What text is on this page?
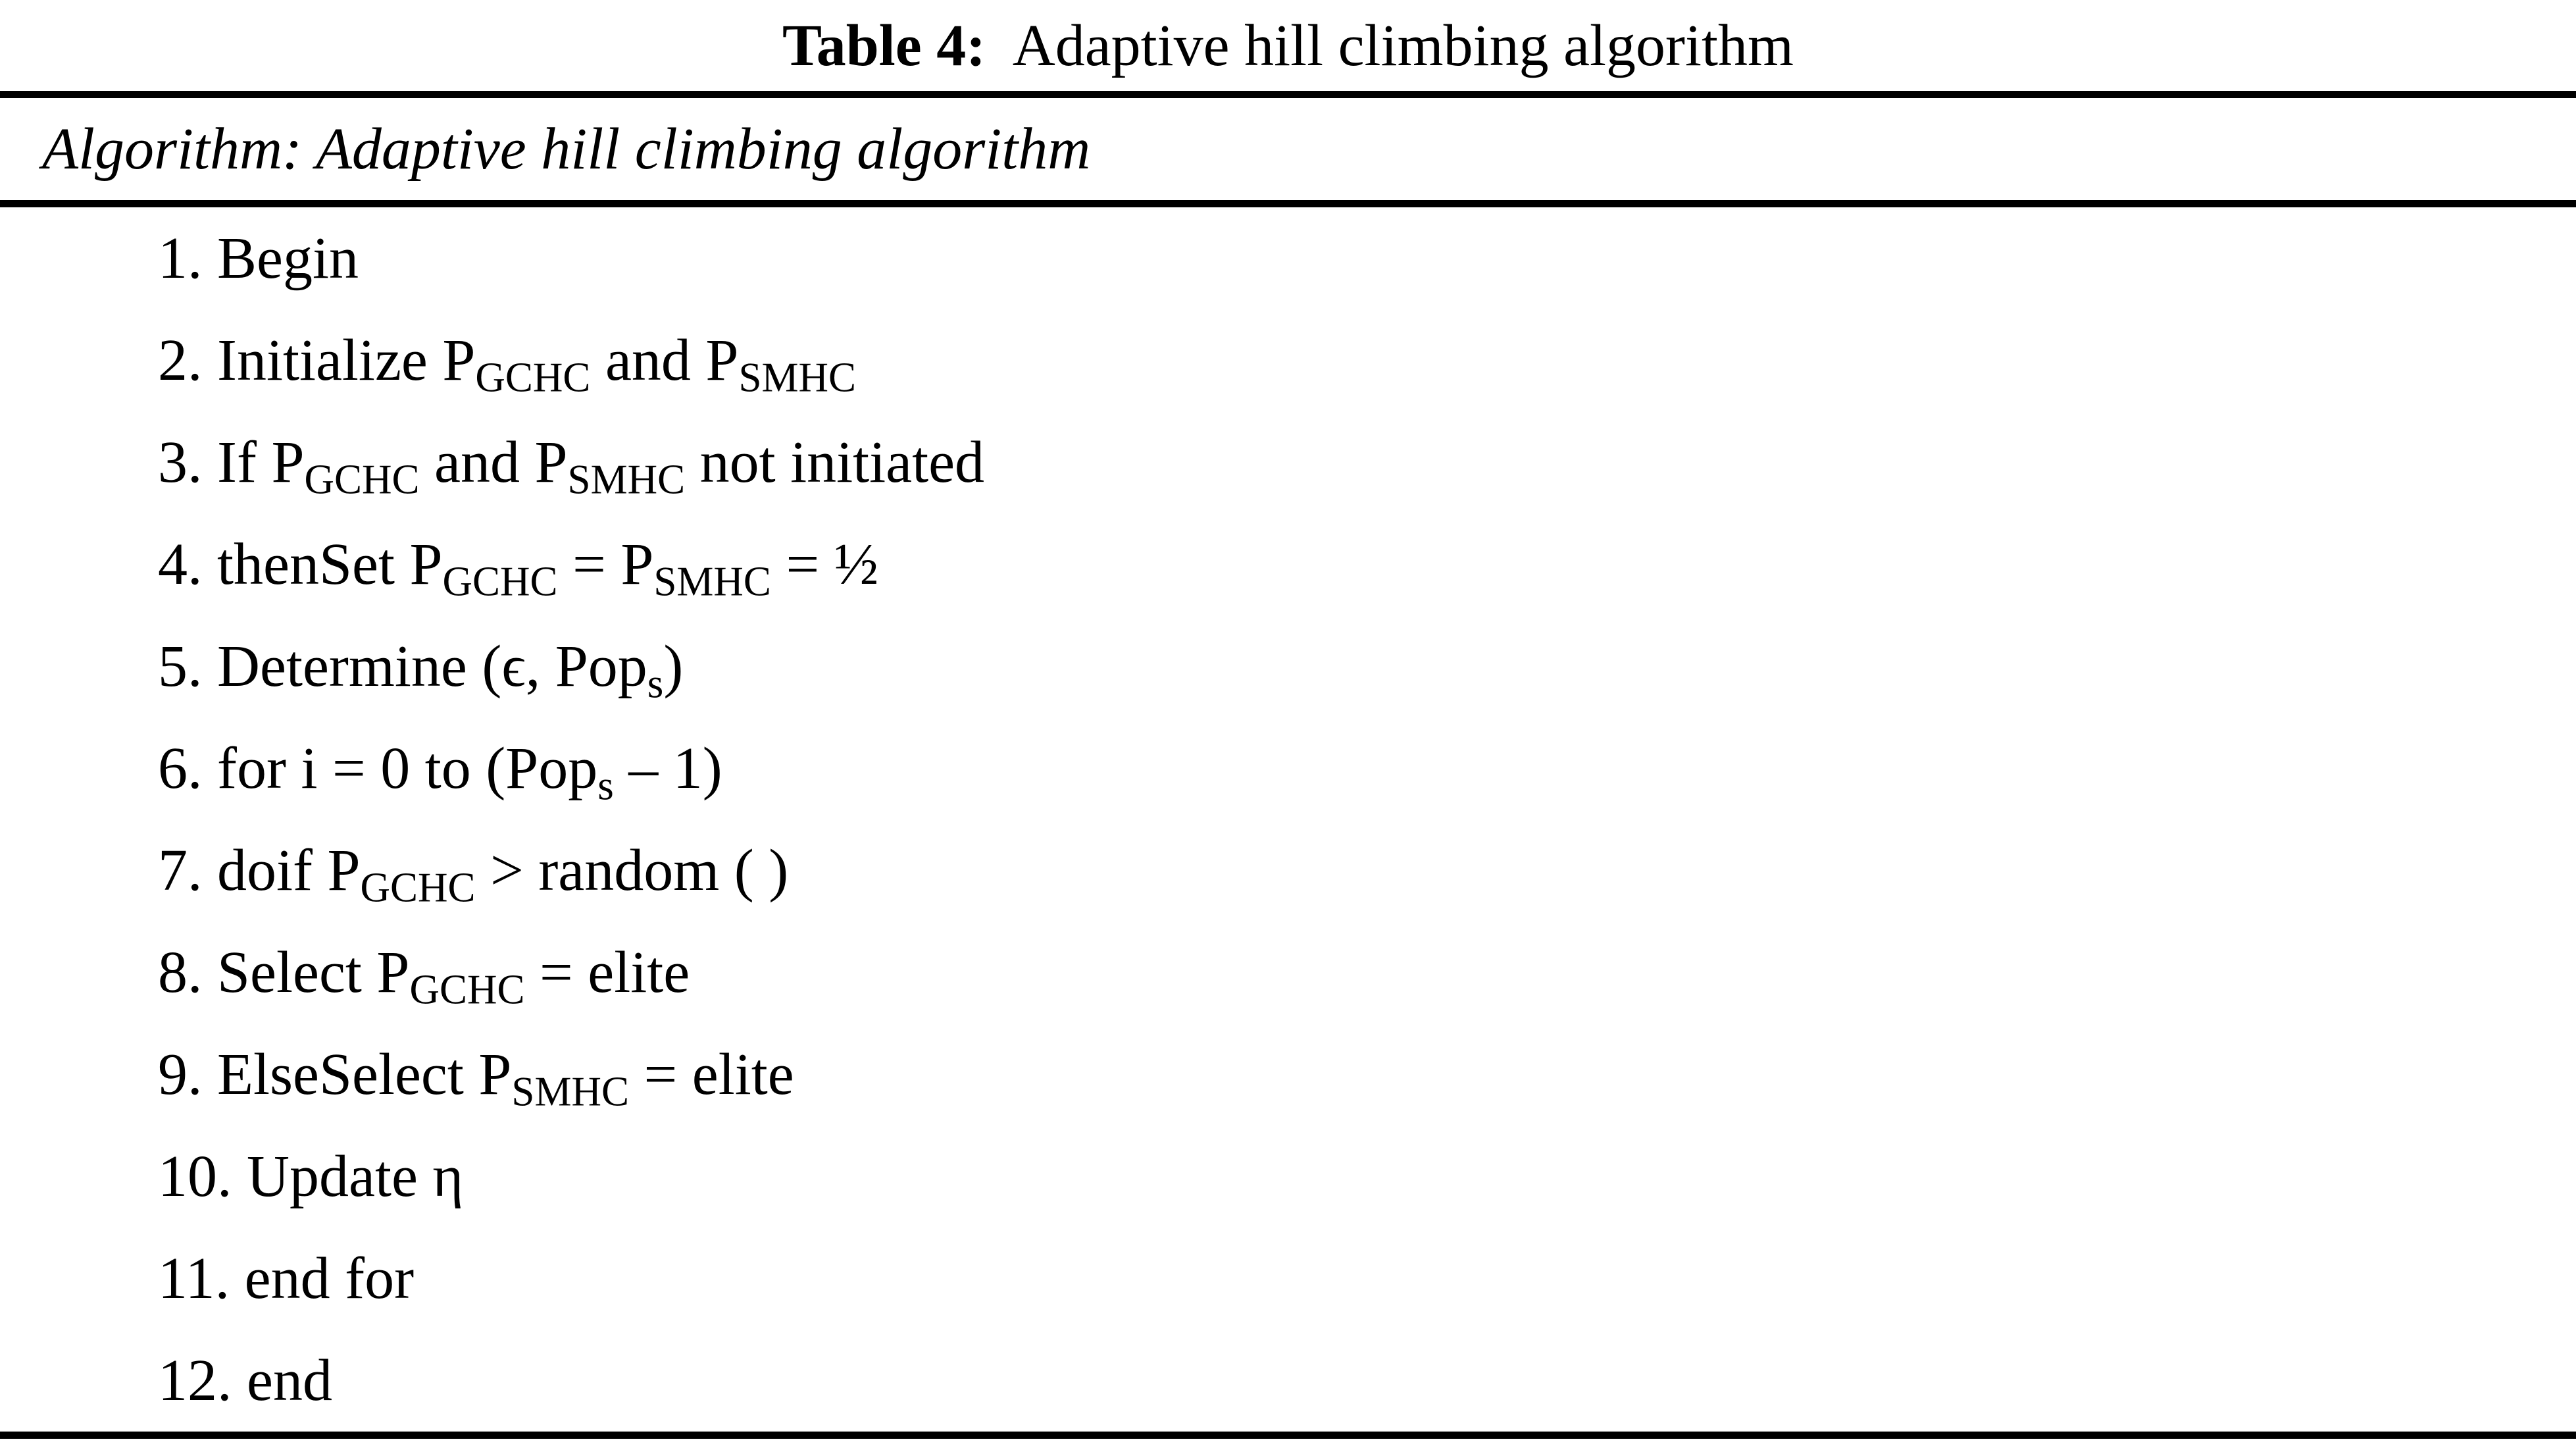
Table 4: Adaptive hill climbing algorithm
Algorithm: Adaptive hill climbing algorithm
1. Begin
2. Initialize $P_{GCHC}$ and $P_{SMHC}$
3. If $P_{GCHC}$ and $P_{SMHC}$ not initiated
4. thenSet $P_{GCHC} = P_{SMHC}$ = ½
5. Determine (ϵ, Pop$_s$)
6. for i = 0 to (Pop$_s$ – 1)
7. doif $P_{GCHC}$ > random ( )
8. Select $P_{GCHC}$ = elite
9. ElseSelect $P_{SMHC}$ = elite
10. Update η
11. end for
12. end
